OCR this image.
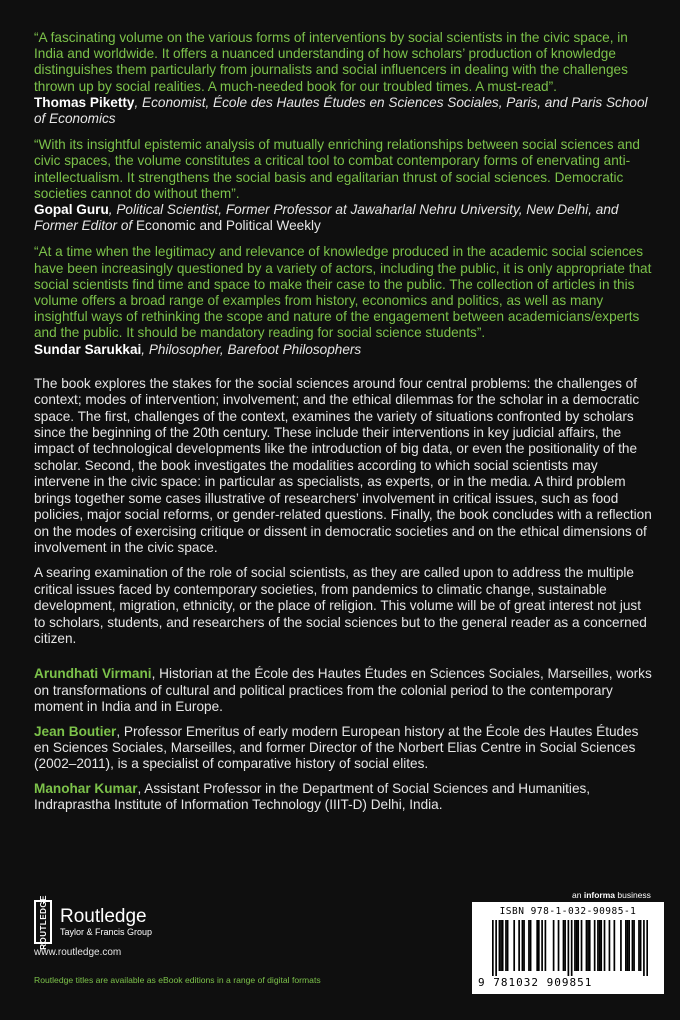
“A fascinating volume on the various forms of interventions by social scientists in the civic space, in India and worldwide. It offers a nuanced understanding of how scholars’ production of knowledge distinguishes them particularly from journalists and social influencers in dealing with the challenges thrown up by social realities. A much-needed book for our troubled times. A must-read”.

Thomas Piketty, Economist, École des Hautes Études en Sciences Sociales, Paris, and Paris School of Economics

“With its insightful epistemic analysis of mutually enriching relationships between social sciences and civic spaces, the volume constitutes a critical tool to combat contemporary forms of enervating anti-intellectualism. It strengthens the social basis and egalitarian thrust of social sciences. Democratic societies cannot do without them”.

Gopal Guru, Political Scientist, Former Professor at Jawaharlal Nehru University, New Delhi, and Former Editor of Economic and Political Weekly

“At a time when the legitimacy and relevance of knowledge produced in the academic social sciences have been increasingly questioned by a variety of actors, including the public, it is only appropriate that social scientists find time and space to make their case to the public. The collection of articles in this volume offers a broad range of examples from history, economics and politics, as well as many insightful ways of rethinking the scope and nature of the engagement between academicians/experts and the public. It should be mandatory reading for social science students”.

Sundar Sarukkai, Philosopher, Barefoot Philosophers

The book explores the stakes for the social sciences around four central problems: the challenges of context; modes of intervention; involvement; and the ethical dilemmas for the scholar in a democratic space. The first, challenges of the context, examines the variety of situations confronted by scholars since the beginning of the 20th century. These include their interventions in key judicial affairs, the impact of technological developments like the introduction of big data, or even the positionality of the scholar. Second, the book investigates the modalities according to which social scientists may intervene in the civic space: in particular as specialists, as experts, or in the media. A third problem brings together some cases illustrative of researchers’ involvement in critical issues, such as food policies, major social reforms, or gender-related questions. Finally, the book concludes with a reflection on the modes of exercising critique or dissent in democratic societies and on the ethical dimensions of involvement in the civic space.

A searing examination of the role of social scientists, as they are called upon to address the multiple critical issues faced by contemporary societies, from pandemics to climatic change, sustainable development, migration, ethnicity, or the place of religion. This volume will be of great interest not just to scholars, students, and researchers of the social sciences but to the general reader as a concerned citizen.

Arundhati Virmani, Historian at the École des Hautes Études en Sciences Sociales, Marseilles, works on transformations of cultural and political practices from the colonial period to the contemporary moment in India and in Europe.

Jean Boutier, Professor Emeritus of early modern European history at the École des Hautes Études en Sciences Sociales, Marseilles, and former Director of the Norbert Elias Centre in Social Sciences (2002–2011), is a specialist of comparative history of social elites.

Manohar Kumar, Assistant Professor in the Department of Social Sciences and Humanities, Indraprastha Institute of Information Technology (IIIT-D) Delhi, India.

ROUTLEDGE Routledge
Taylor & Francis Group
www.routledge.com
Routledge titles are available as eBook editions in a range of digital formats
an informa business
ISBN 978-1-032-90985-1
9 781032 909851
